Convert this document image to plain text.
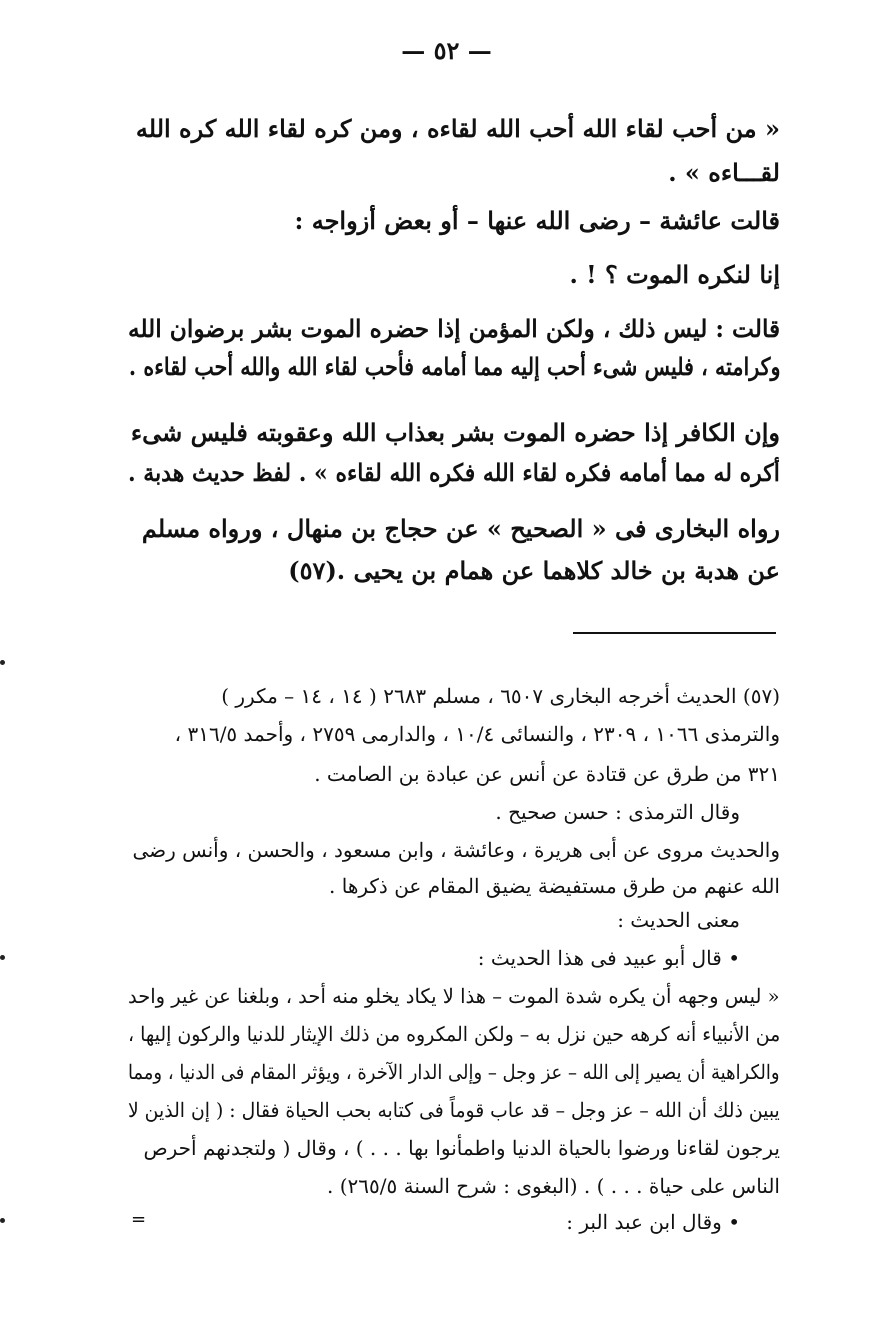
— ٥٢ —
« من أحب لقاء الله أحب الله لقاءه ، ومن كره لقاء الله كره الله
لقـــاءه » .
قالت عائشة – رضى الله عنها – أو بعض أزواجه :
إنا لنكره الموت ؟ ! .
قالت : ليس ذلك ، ولكن المؤمن إذا حضره الموت بشر برضوان الله
وكرامته ، فليس شىء أحب إليه مما أمامه فأحب لقاء الله والله أحب لقاءه .
وإن الكافر إذا حضره الموت بشر بعذاب الله وعقوبته فليس شىء
أكره له مما أمامه فكره لقاء الله فكره الله لقاءه » . لفظ حديث هدبة .
رواه البخارى فى « الصحيح » عن حجاج بن منهال ، ورواه مسلم
عن هدبة بن خالد كلاهما عن همام بن يحيى .(٥٧)
(٥٧) الحديث أخرجه البخارى ٦٥٠٧ ، مسلم ٢٦٨٣ ( ١٤ ، ١٤ – مكرر )
والترمذى ١٠٦٦ ، ٢٣٠٩ ، والنسائى ١٠/٤ ، والدارمى ٢٧٥٩ ، وأحمد ٣١٦/٥ ،
٣٢١ من طرق عن قتادة عن أنس عن عبادة بن الصامت .
وقال الترمذى : حسن صحيح .
والحديث مروى عن أبى هريرة ، وعائشة ، وابن مسعود ، والحسن ، وأنس رضى
الله عنهم من طرق مستفيضة يضيق المقام عن ذكرها .
معنى الحديث :
• قال أبو عبيد فى هذا الحديث :
« ليس وجهه أن يكره شدة الموت – هذا لا يكاد يخلو منه أحد ، وبلغنا عن غير واحد
من الأنبياء أنه كرهه حين نزل به – ولكن المكروه من ذلك الإيثار للدنيا والركون إليها ،
والكراهية أن يصير إلى الله – عز وجل – وإلى الدار الآخرة ، ويؤثر المقام فى الدنيا ، ومما
يبين ذلك أن الله – عز وجل – قد عاب قوماً فى كتابه بحب الحياة فقال : ( إن الذين لا
يرجون لقاءنا ورضوا بالحياة الدنيا واطمأنوا بها . . . ) ، وقال ( ولتجدنهم أحرص
الناس على حياة . . . ) . (البغوى : شرح السنة ٢٦٥/٥) .
• وقال ابن عبد البر :
=
